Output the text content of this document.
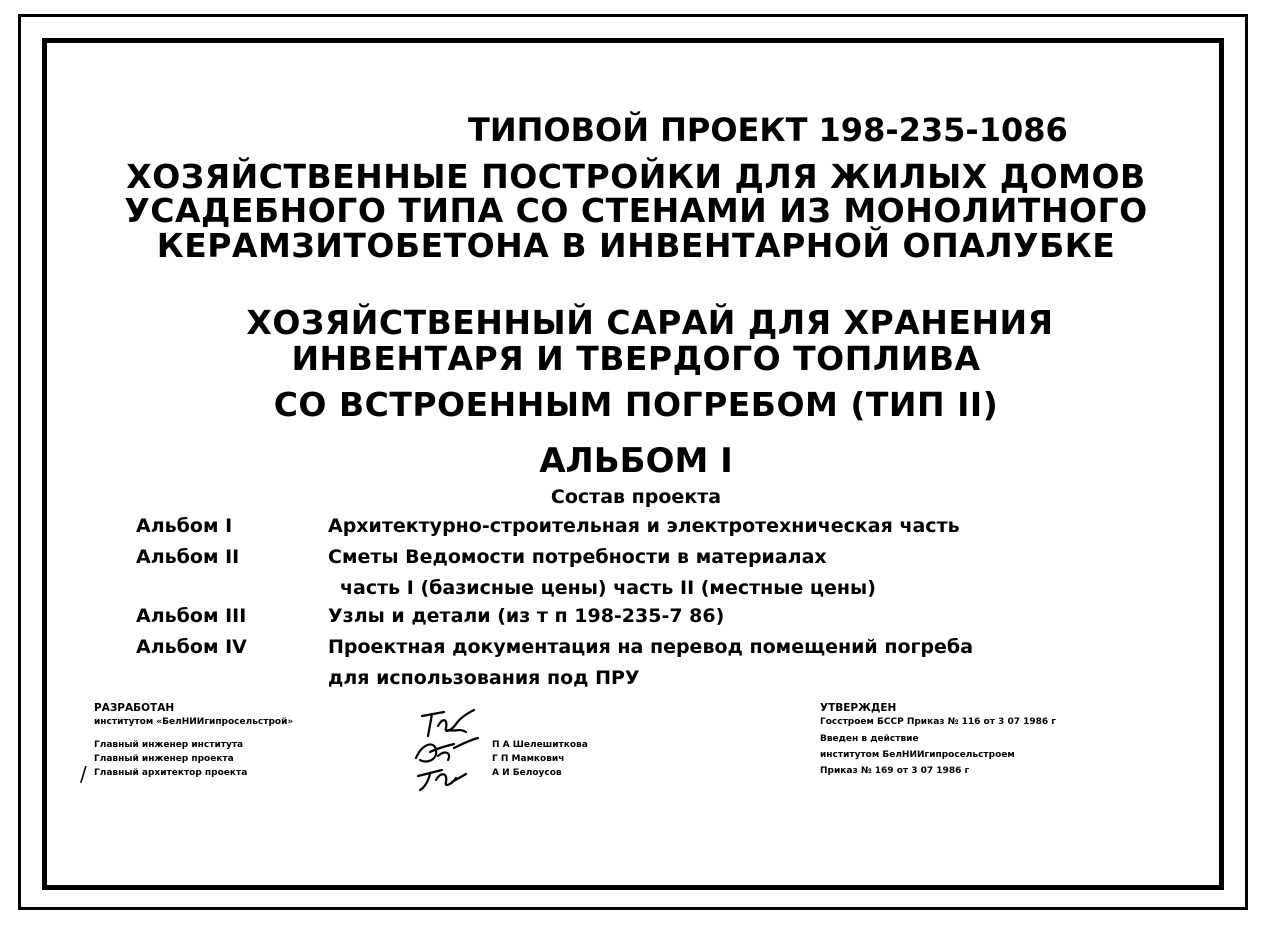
ТИПОВОЙ ПРОЕКТ 198-235-1086
ХОЗЯЙСТВЕННЫЕ ПОСТРОЙКИ ДЛЯ ЖИЛЫХ ДОМОВ
УСАДЕБНОГО ТИПА СО СТЕНАМИ ИЗ МОНОЛИТНОГО
КЕРАМЗИТОБЕТОНА В ИНВЕНТАРНОЙ ОПАЛУБКЕ
ХОЗЯЙСТВЕННЫЙ САРАЙ ДЛЯ ХРАНЕНИЯ
ИНВЕНТАРЯ И ТВЕРДОГО ТОПЛИВА
СО ВСТРОЕННЫМ ПОГРЕБОМ (ТИП II)
АЛЬБОМ I
Состав проекта
Альбом I	Архитектурно-строительная и электротехническая часть
Альбом II	Сметы Ведомости потребности в материалах
часть I (базисные цены) часть II (местные цены)
Альбом III	Узлы и детали (из т п 198-235-7 86)
Альбом IV	Проектная документация на перевод помещений погреба
для использования под ПРУ
РАЗРАБОТАН
институтом «БелНИИгипросельстрой»
Главный инженер института
Главный инженер проекта
Главный архитектор проекта
/
П А Шелешиткова
Г П Мамкович
А И Белоусов
УТВЕРЖДЕН
Госстроем БССР Приказ № 116 от 3 07 1986 г
Введен в действие
институтом БелНИИгипросельстроем
Приказ № 169 от 3 07 1986 г
